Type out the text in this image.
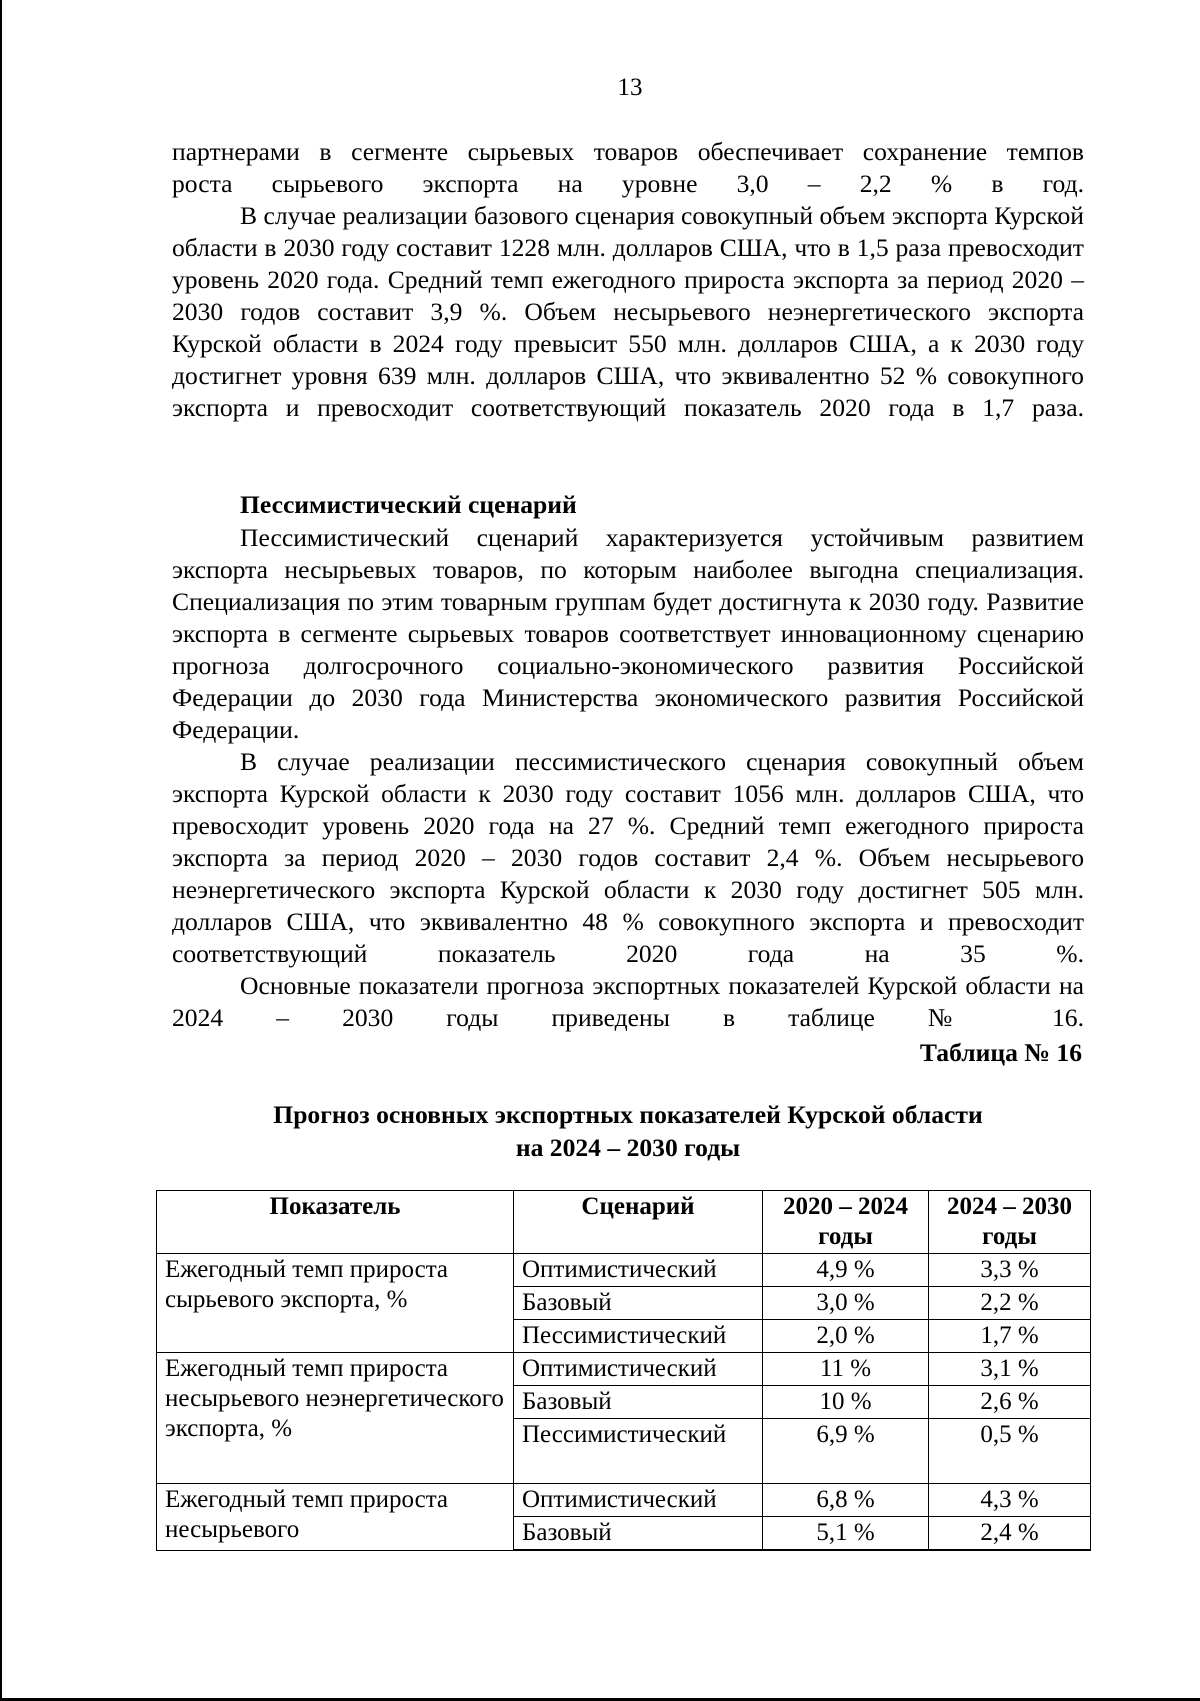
13

партнерами в сегменте сырьевых товаров обеспечивает сохранение темпов
роста сырьевого экспорта на уровне 3,0 – 2,2 % в год.

В случае реализации базового сценария совокупный объем экспорта Курской области в 2030 году составит 1228 млн. долларов США, что в 1,5 раза превосходит уровень 2020 года. Средний темп ежегодного прироста экспорта за период 2020 – 2030 годов составит 3,9 %. Объем несырьевого неэнергетического экспорта Курской области в 2024 году превысит 550 млн. долларов США, а к 2030 году достигнет уровня 639 млн. долларов США, что эквивалентно 52 % совокупного экспорта и превосходит соответствующий показатель 2020 года в 1,7 раза.

Пессимистический сценарий

Пессимистический сценарий характеризуется устойчивым развитием экспорта несырьевых товаров, по которым наиболее выгодна специализация. Специализация по этим товарным группам будет достигнута к 2030 году. Развитие экспорта в сегменте сырьевых товаров соответствует инновационному сценарию прогноза долгосрочного социально-экономического развития Российской Федерации до 2030 года Министерства экономического развития Российской Федерации.

В случае реализации пессимистического сценария совокупный объем экспорта Курской области к 2030 году составит 1056 млн. долларов США, что превосходит уровень 2020 года на 27 %. Средний темп ежегодного прироста экспорта за период 2020 – 2030 годов составит 2,4 %. Объем несырьевого неэнергетического экспорта Курской области к 2030 году достигнет 505 млн. долларов США, что эквивалентно 48 % совокупного экспорта и превосходит соответствующий показатель 2020 года на 35 %.

Основные показатели прогноза экспортных показателей Курской области на 2024 – 2030 годы приведены в таблице № 16.

Таблица № 16
Прогноз основных экспортных показателей Курской области
на 2024 – 2030 годы
Показатель	Сценарий	2020 – 2024 годы	2024 – 2030 годы
Ежегодный темп прироста сырьевого экспорта, %	Оптимистический	4,9 %	3,3 %
	Базовый	3,0 %	2,2 %
	Пессимистический	2,0 %	1,7 %
Ежегодный темп прироста несырьевого неэнергетического экспорта, %	Оптимистический	11 %	3,1 %
	Базовый	10 %	2,6 %
	Пессимистический	6,9 %	0,5 %
Ежегодный темп прироста несырьевого	Оптимистический	6,8 %	4,3 %
	Базовый	5,1 %	2,4 %
